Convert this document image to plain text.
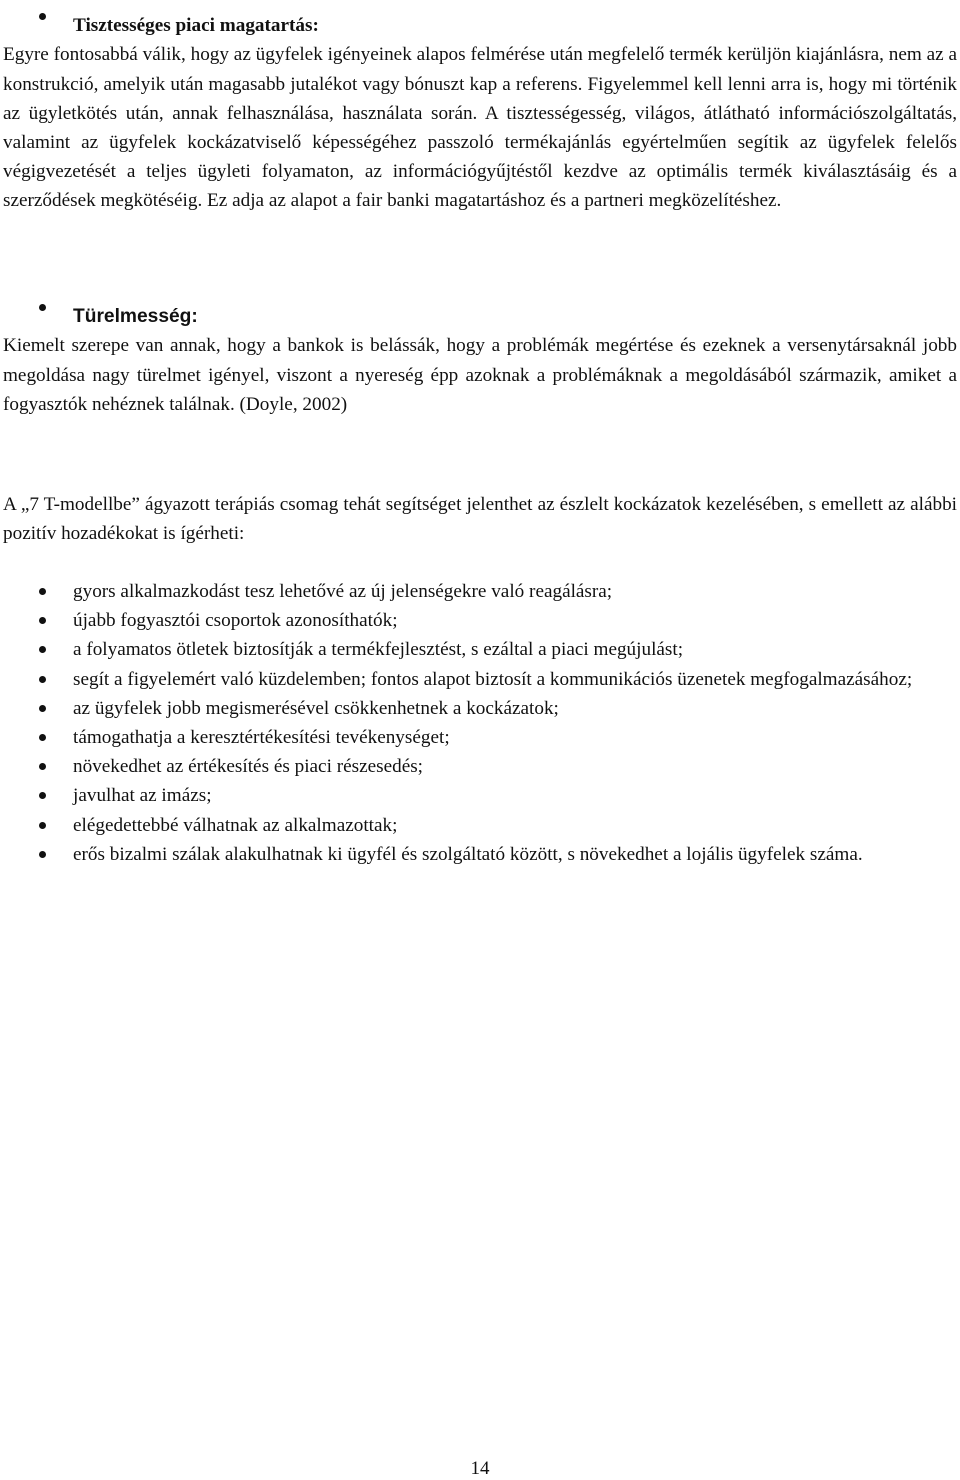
Tisztességes piaci magatartás:

Egyre fontosabbá válik, hogy az ügyfelek igényeinek alapos felmérése után megfelelő termék kerüljön kiajánlásra, nem az a konstrukció, amelyik után magasabb jutalékot vagy bónuszt kap a referens. Figyelemmel kell lenni arra is, hogy mi történik az ügyletkötés után, annak felhasználása, használata során. A tisztességesség, világos, átlátható információszolgáltatás, valamint az ügyfelek kockázatviselő képességéhez passzoló termékajánlás egyértelműen segítik az ügyfelek felelős végigvezetését a teljes ügyleti folyamaton, az információgyűjtéstől kezdve az optimális termék kiválasztásáig és a szerződések megkötéséig. Ez adja az alapot a fair banki magatartáshoz és a partneri megközelítéshez.

Türelmesség:

Kiemelt szerepe van annak, hogy a bankok is belássák, hogy a problémák megértése és ezeknek a versenytársaknál jobb megoldása nagy türelmet igényel, viszont a nyereség épp azoknak a problémáknak a megoldásából származik, amiket a fogyasztók nehéznek találnak. (Doyle, 2002)

A „7 T-modellbe” ágyazott terápiás csomag tehát segítséget jelenthet az észlelt kockázatok kezelésében, s emellett az alábbi pozitív hozadékokat is ígérheti:

gyors alkalmazkodást tesz lehetővé az új jelenségekre való reagálásra;
újabb fogyasztói csoportok azonosíthatók;
a folyamatos ötletek biztosítják a termékfejlesztést, s ezáltal a piaci megújulást;
segít a figyelemért való küzdelemben; fontos alapot biztosít a kommunikációs üzenetek megfogalmazásához;
az ügyfelek jobb megismerésével csökkenhetnek a kockázatok;
támogathatja a keresztértékesítési tevékenységet;
növekedhet az értékesítés és piaci részesedés;
javulhat az imázs;
elégedettebbé válhatnak az alkalmazottak;
erős bizalmi szálak alakulhatnak ki ügyfél és szolgáltató között, s növekedhet a lojális ügyfelek száma.
14
